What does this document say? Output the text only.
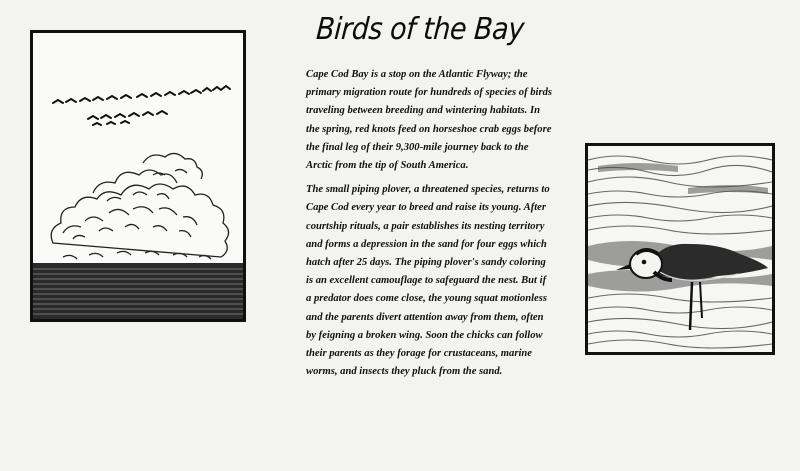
Birds of the Bay

Cape Cod Bay is a stop on the Atlantic Flyway; the primary migration route for hundreds of species of birds traveling between breeding and wintering habitats. In the spring, red knots feed on horseshoe crab eggs before the final leg of their 9,300-mile journey back to the Arctic from the tip of South America.

The small piping plover, a threatened species, returns to Cape Cod every year to breed and raise its young. After courtship rituals, a pair establishes its nesting territory and forms a depression in the sand for four eggs which hatch after 25 days. The piping plover's sandy coloring is an excellent camouflage to safeguard the nest. But if a predator does come close, the young squat motionless and the parents divert attention away from them, often by feigning a broken wing. Soon the chicks can follow their parents as they forage for crustaceans, marine worms, and insects they pluck from the sand.
